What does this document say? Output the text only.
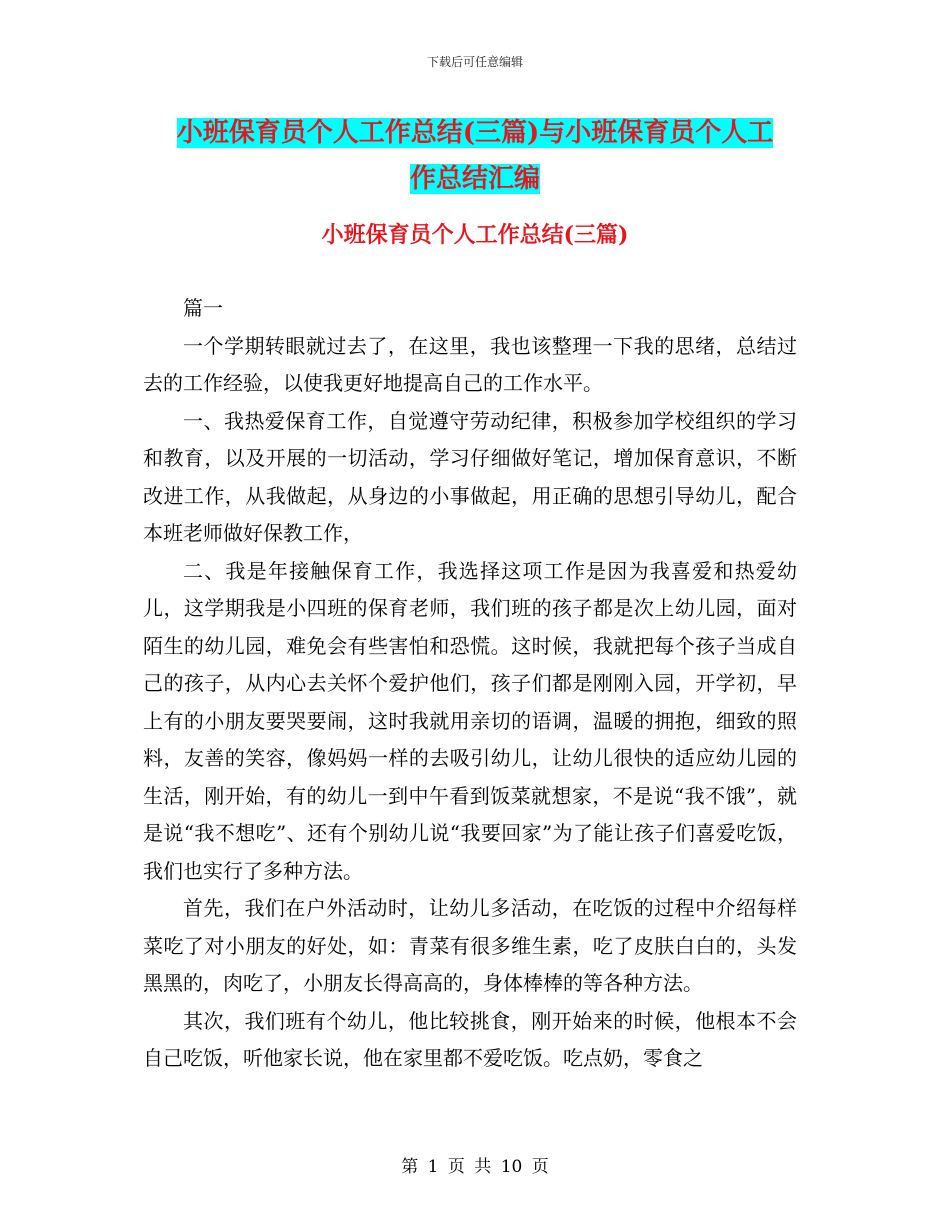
下载后可任意编辑
小班保育员个人工作总结(三篇)与小班保育员个人工
作总结汇编
小班保育员个人工作总结(三篇)

篇一

一个学期转眼就过去了，在这里，我也该整理一下我的思绪，总结过去的工作经验，以使我更好地提高自己的工作水平。

一、我热爱保育工作，自觉遵守劳动纪律，积极参加学校组织的学习和教育，以及开展的一切活动，学习仔细做好笔记，增加保育意识，不断改进工作，从我做起，从身边的小事做起，用正确的思想引导幼儿，配合本班老师做好保教工作，

二、我是年接触保育工作，我选择这项工作是因为我喜爱和热爱幼儿，这学期我是小四班的保育老师，我们班的孩子都是次上幼儿园，面对陌生的幼儿园，难免会有些害怕和恐慌。这时候，我就把每个孩子当成自己的孩子，从内心去关怀个爱护他们，孩子们都是刚刚入园，开学初，早上有的小朋友要哭要闹，这时我就用亲切的语调，温暖的拥抱，细致的照料，友善的笑容，像妈妈一样的去吸引幼儿，让幼儿很快的适应幼儿园的生活，刚开始，有的幼儿一到中午看到饭菜就想家，不是说“我不饿”，就是说“我不想吃”、还有个别幼儿说“我要回家”为了能让孩子们喜爱吃饭，我们也实行了多种方法。

首先，我们在户外活动时，让幼儿多活动，在吃饭的过程中介绍每样菜吃了对小朋友的好处，如：青菜有很多维生素，吃了皮肤白白的，头发黑黑的，肉吃了，小朋友长得高高的，身体棒棒的等各种方法。

其次，我们班有个幼儿，他比较挑食，刚开始来的时候，他根本不会自己吃饭，听他家长说，他在家里都不爱吃饭。吃点奶，零食之

第 1 页 共 10 页
